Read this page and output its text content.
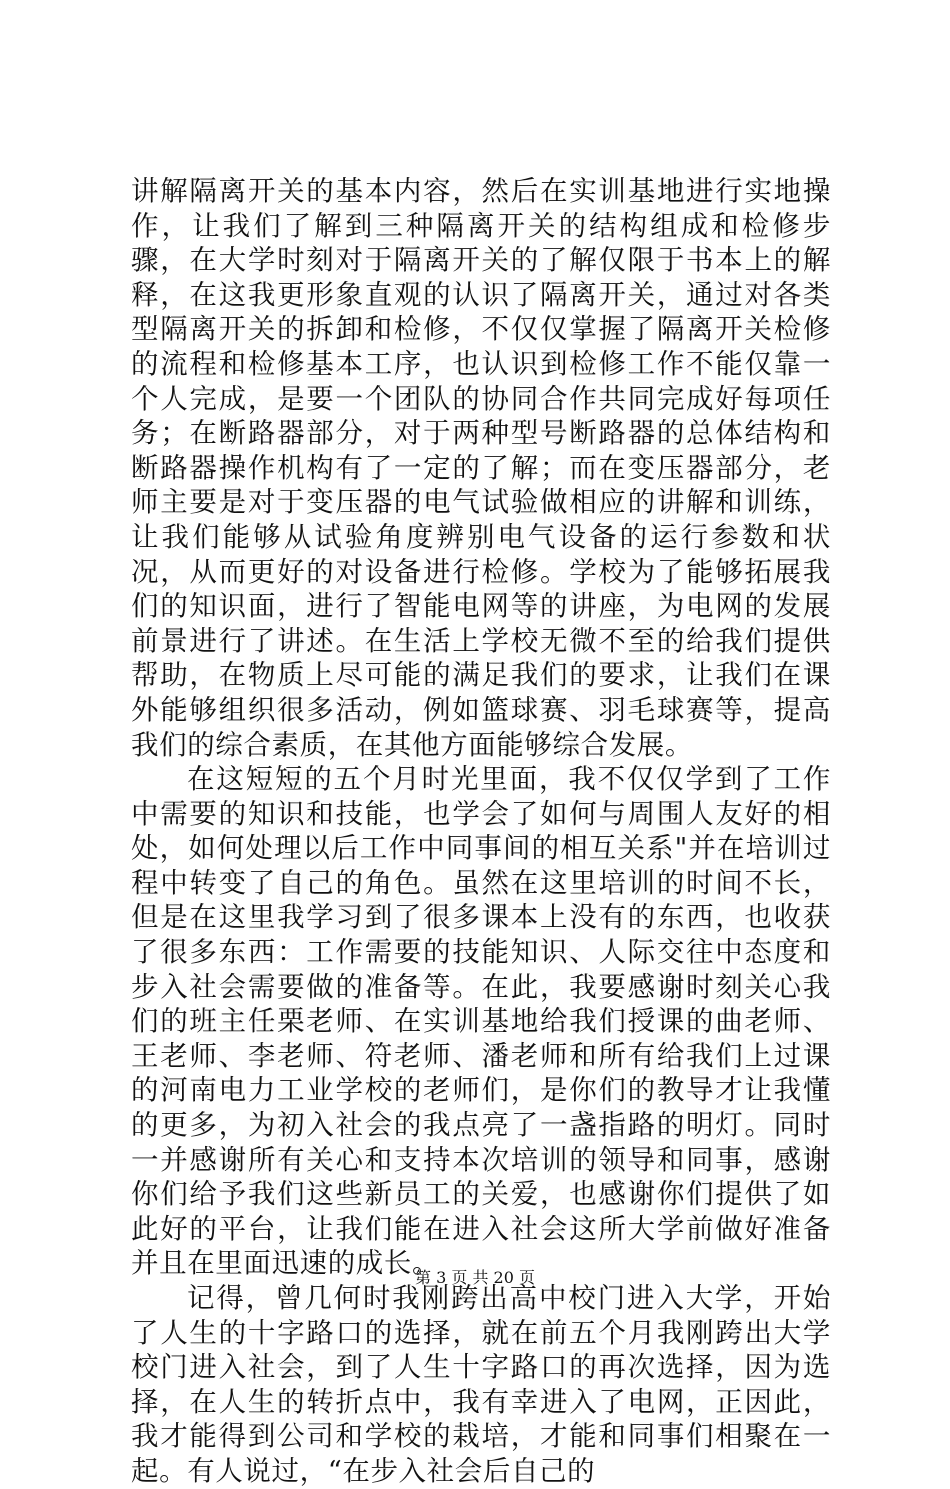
讲解隔离开关的基本内容，然后在实训基地进行实地操作，让我们了解到三种隔离开关的结构组成和检修步骤，在大学时刻对于隔离开关的了解仅限于书本上的解释，在这我更形象直观的认识了隔离开关，通过对各类型隔离开关的拆卸和检修，不仅仅掌握了隔离开关检修的流程和检修基本工序，也认识到检修工作不能仅靠一个人完成，是要一个团队的协同合作共同完成好每项任务；在断路器部分，对于两种型号断路器的总体结构和断路器操作机构有了一定的了解；而在变压器部分，老师主要是对于变压器的电气试验做相应的讲解和训练，让我们能够从试验角度辨别电气设备的运行参数和状况，从而更好的对设备进行检修。学校为了能够拓展我们的知识面，进行了智能电网等的讲座，为电网的发展前景进行了讲述。在生活上学校无微不至的给我们提供帮助，在物质上尽可能的满足我们的要求，让我们在课外能够组织很多活动，例如篮球赛、羽毛球赛等，提高我们的综合素质，在其他方面能够综合发展。

在这短短的五个月时光里面，我不仅仅学到了工作中需要的知识和技能，也学会了如何与周围人友好的相处，如何处理以后工作中同事间的相互关系"并在培训过程中转变了自己的角色。虽然在这里培训的时间不长，但是在这里我学习到了很多课本上没有的东西，也收获了很多东西：工作需要的技能知识、人际交往中态度和步入社会需要做的准备等。在此，我要感谢时刻关心我们的班主任栗老师、在实训基地给我们授课的曲老师、王老师、李老师、符老师、潘老师和所有给我们上过课的河南电力工业学校的老师们，是你们的教导才让我懂的更多，为初入社会的我点亮了一盏指路的明灯。同时一并感谢所有关心和支持本次培训的领导和同事，感谢你们给予我们这些新员工的关爱，也感谢你们提供了如此好的平台，让我们能在进入社会这所大学前做好准备并且在里面迅速的成长。

记得，曾几何时我刚跨出高中校门进入大学，开始了人生的十字路口的选择，就在前五个月我刚跨出大学校门进入社会，到了人生十字路口的再次选择，因为选择，在人生的转折点中，我有幸进入了电网，正因此，我才能得到公司和学校的栽培，才能和同事们相聚在一起。有人说过，“在步入社会后自己的

第 3 页 共 20 页
